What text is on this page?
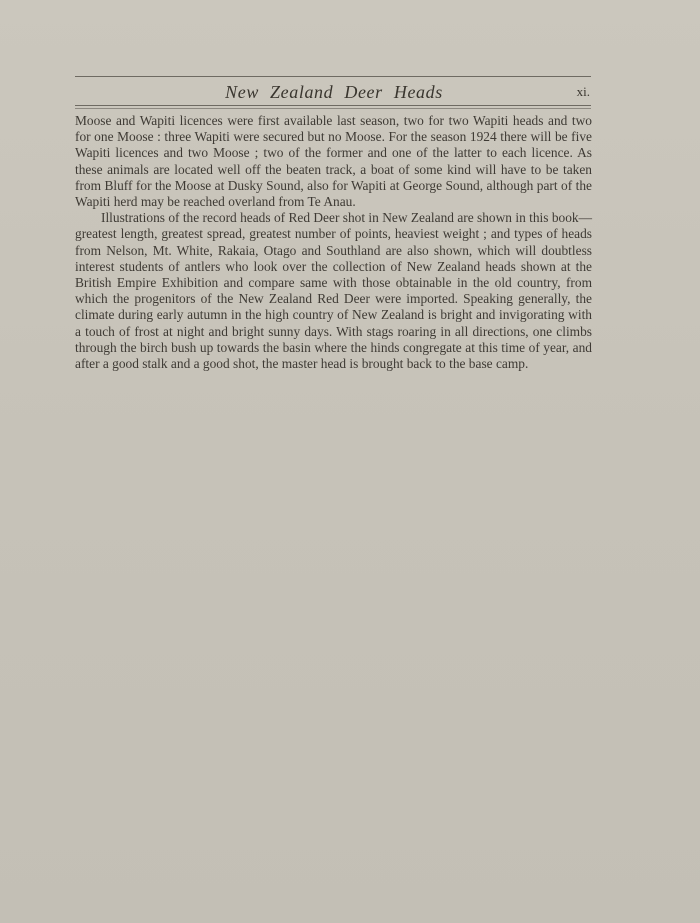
New Zealand Deer Heads	xi.

Moose and Wapiti licences were first available last season, two for two Wapiti heads and two for one Moose : three Wapiti were secured but no Moose. For the season 1924 there will be five Wapiti licences and two Moose ; two of the former and one of the latter to each licence. As these animals are located well off the beaten track, a boat of some kind will have to be taken from Bluff for the Moose at Dusky Sound, also for Wapiti at George Sound, although part of the Wapiti herd may be reached overland from Te Anau.

Illustrations of the record heads of Red Deer shot in New Zealand are shown in this book—greatest length, greatest spread, greatest number of points, heaviest weight ; and types of heads from Nelson, Mt. White, Rakaia, Otago and Southland are also shown, which will doubtless interest students of antlers who look over the collection of New Zealand heads shown at the British Empire Exhibition and compare same with those obtainable in the old country, from which the progenitors of the New Zealand Red Deer were imported. Speaking generally, the climate during early autumn in the high country of New Zealand is bright and invigorating with a touch of frost at night and bright sunny days. With stags roaring in all directions, one climbs through the birch bush up towards the basin where the hinds congregate at this time of year, and after a good stalk and a good shot, the master head is brought back to the base camp.
